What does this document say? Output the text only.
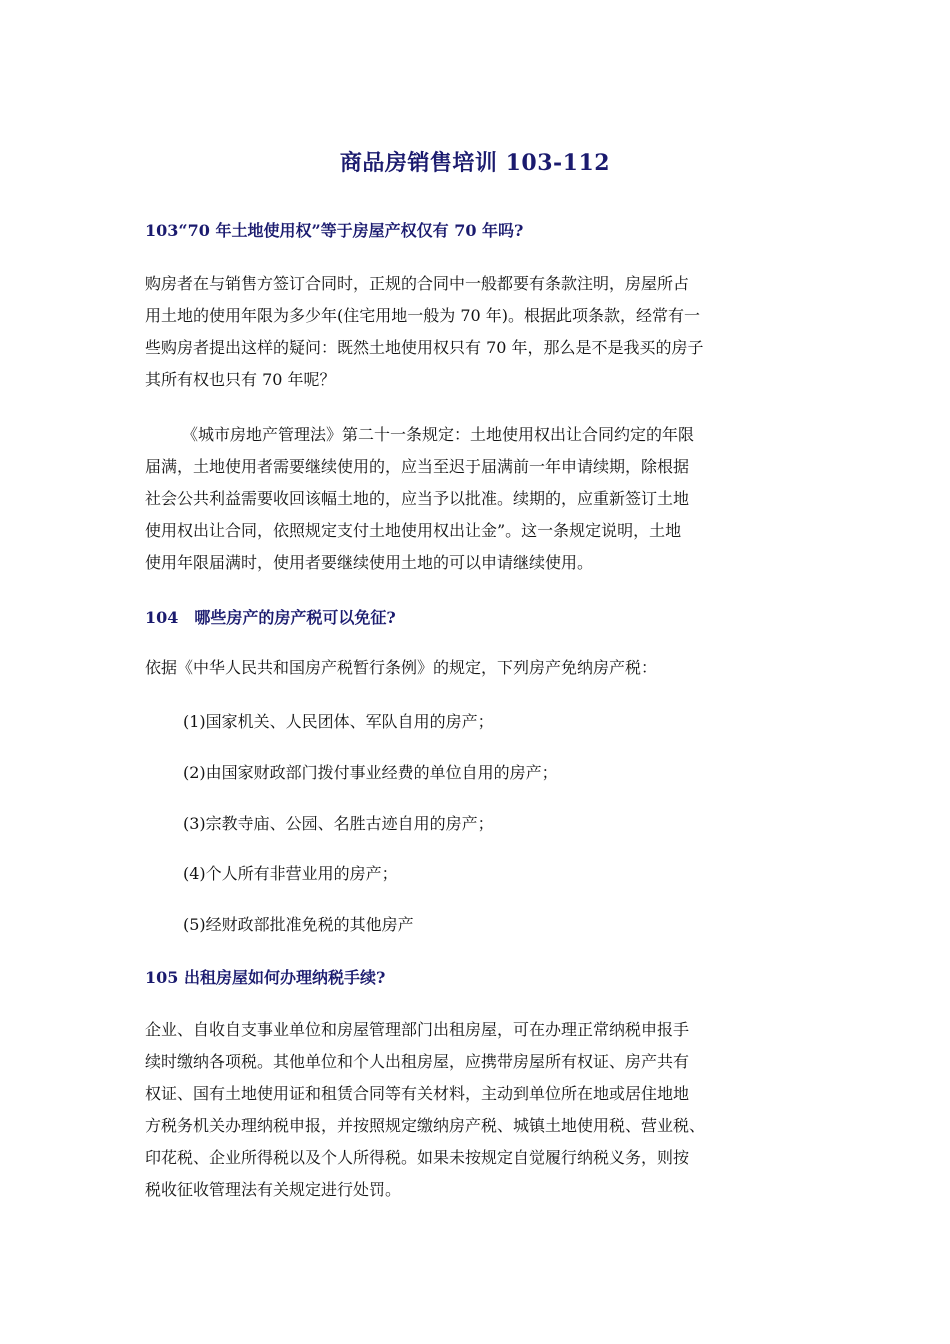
商品房销售培训 103-112
103“70 年土地使用权”等于房屋产权仅有 70 年吗?
购房者在与销售方签订合同时，正规的合同中一般都要有条款注明，房屋所占
用土地的使用年限为多少年(住宅用地一般为 70 年)。根据此项条款，经常有一
些购房者提出这样的疑问：既然土地使用权只有 70 年，那么是不是我买的房子
其所有权也只有 70 年呢？
《城市房地产管理法》第二十一条规定：土地使用权出让合同约定的年限
届满，土地使用者需要继续使用的，应当至迟于届满前一年申请续期，除根据
社会公共利益需要收回该幅土地的，应当予以批准。续期的，应重新签订土地
使用权出让合同，依照规定支付土地使用权出让金”。这一条规定说明，土地
使用年限届满时，使用者要继续使用土地的可以申请继续使用。
104　哪些房产的房产税可以免征?
依据《中华人民共和国房产税暂行条例》的规定，下列房产免纳房产税：
(1)国家机关、人民团体、军队自用的房产；
(2)由国家财政部门拨付事业经费的单位自用的房产；
(3)宗教寺庙、公园、名胜古迹自用的房产；
(4)个人所有非营业用的房产；
(5)经财政部批准免税的其他房产
105 出租房屋如何办理纳税手续?
企业、自收自支事业单位和房屋管理部门出租房屋，可在办理正常纳税申报手
续时缴纳各项税。其他单位和个人出租房屋，应携带房屋所有权证、房产共有
权证、国有土地使用证和租赁合同等有关材料，主动到单位所在地或居住地地
方税务机关办理纳税申报，并按照规定缴纳房产税、城镇土地使用税、营业税、
印花税、企业所得税以及个人所得税。如果未按规定自觉履行纳税义务，则按
税收征收管理法有关规定进行处罚。
